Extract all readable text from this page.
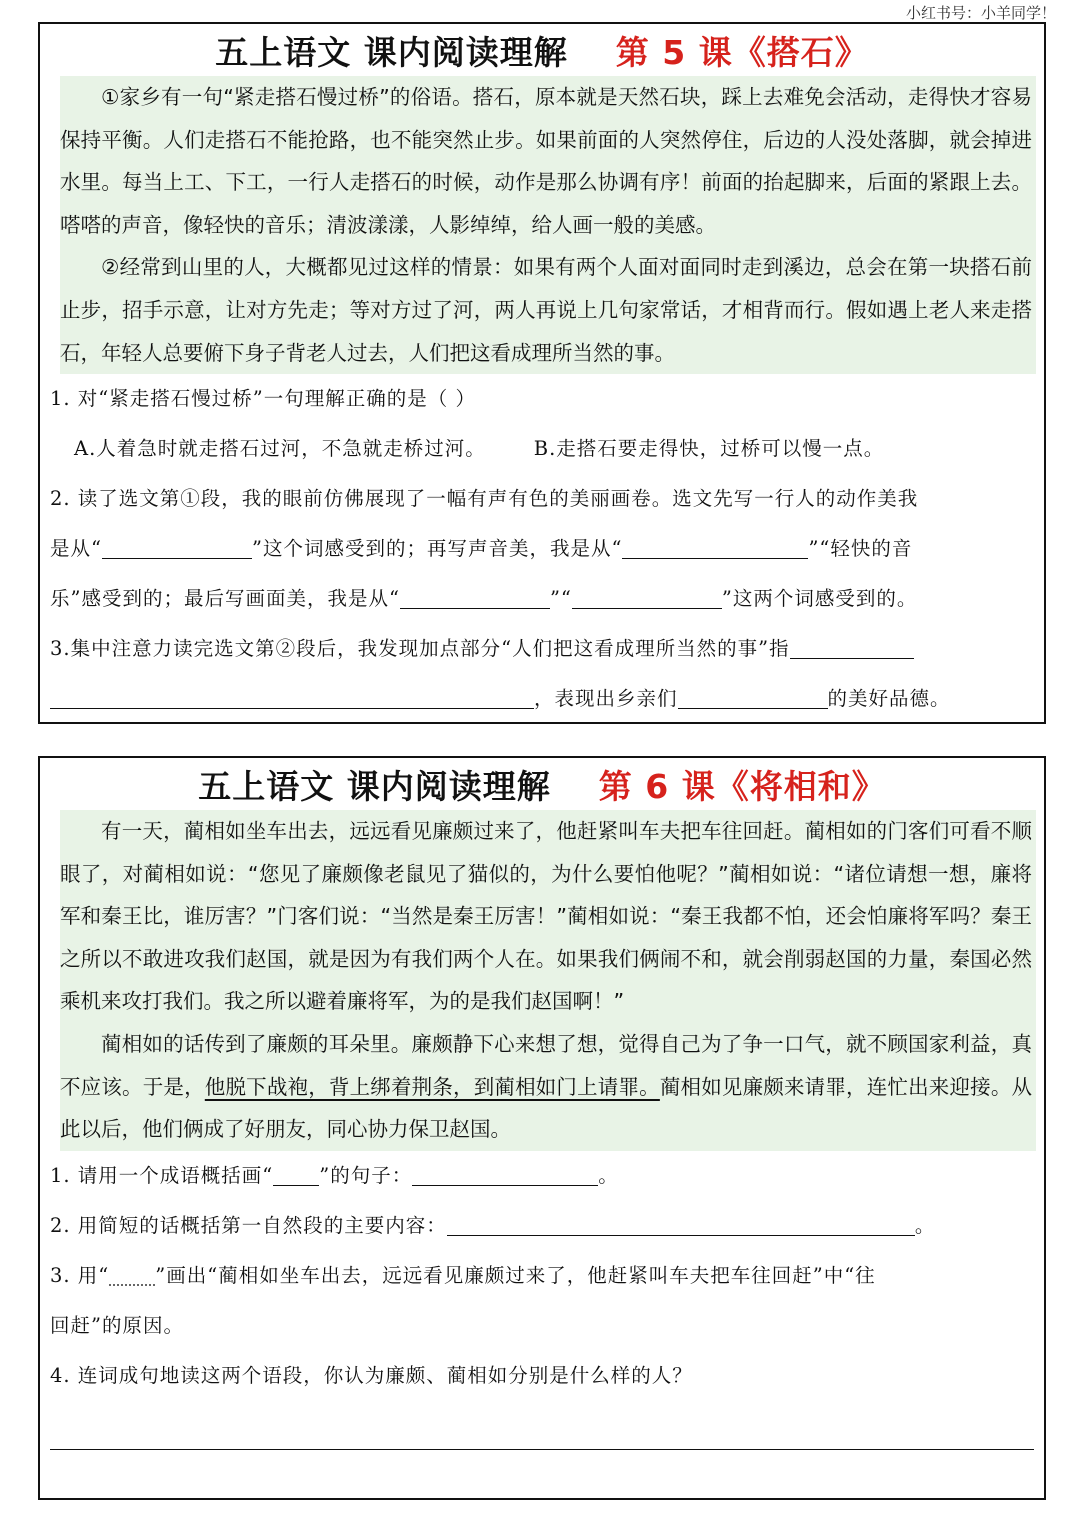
小红书号：小羊同学！
五上语文 课内阅读理解 第 5 课《搭石》

①家乡有一句“紧走搭石慢过桥”的俗语。搭石，原本就是天然石块，踩上去难免会活动，走得快才容易保持平衡。人们走搭石不能抢路，也不能突然止步。如果前面的人突然停住，后边的人没处落脚，就会掉进水里。每当上工、下工，一行人走搭石的时候，动作是那么协调有序！前面的抬起脚来，后面的紧跟上去。嗒嗒的声音，像轻快的音乐；清波漾漾，人影绰绰，给人画一般的美感。

②经常到山里的人，大概都见过这样的情景：如果有两个人面对面同时走到溪边，总会在第一块搭石前止步，招手示意，让对方先走；等对方过了河，两人再说上几句家常话，才相背而行。假如遇上老人来走搭石，年轻人总要俯下身子背老人过去，人们把这看成理所当然的事。

1. 对“紧走搭石慢过桥”一句理解正确的是（ ）

A.人着急时就走搭石过河，不急就走桥过河。 B.走搭石要走得快，过桥可以慢一点。

2. 读了选文第①段，我的眼前仿佛展现了一幅有声有色的美丽画卷。选文先写一行人的动作美我

是从“	”这个词感受到的；再写声音美，我是从“	”“轻快的音

乐”感受到的；最后写画面美，我是从“	”“	”这两个词感受到的。

3.集中注意力读完选文第②段后，我发现加点部分“人们把这看成理所当然的事”指

，表现出乡亲们	的美好品德。

五上语文 课内阅读理解 第 6 课《将相和》

有一天，蔺相如坐车出去，远远看见廉颇过来了，他赶紧叫车夫把车往回赶。蔺相如的门客们可看不顺眼了，对蔺相如说：“您见了廉颇像老鼠见了猫似的，为什么要怕他呢？”蔺相如说：“诸位请想一想，廉将军和秦王比，谁厉害？”门客们说：“当然是秦王厉害！”蔺相如说：“秦王我都不怕，还会怕廉将军吗？秦王之所以不敢进攻我们赵国，就是因为有我们两个人在。如果我们俩闹不和，就会削弱赵国的力量，秦国必然乘机来攻打我们。我之所以避着廉将军，为的是我们赵国啊！”

蔺相如的话传到了廉颇的耳朵里。廉颇静下心来想了想，觉得自己为了争一口气，就不顾国家利益，真不应该。于是，他脱下战袍，背上绑着荆条，到蔺相如门上请罪。蔺相如见廉颇来请罪，连忙出来迎接。从此以后，他们俩成了好朋友，同心协力保卫赵国。

1. 请用一个成语概括画“ ”的句子：	。

2. 用简短的话概括第一自然段的主要内容：	。

3. 用“ ”画出“蔺相如坐车出去，远远看见廉颇过来了，他赶紧叫车夫把车往回赶”中“往

回赶”的原因。

4. 连词成句地读这两个语段，你认为廉颇、蔺相如分别是什么样的人？
